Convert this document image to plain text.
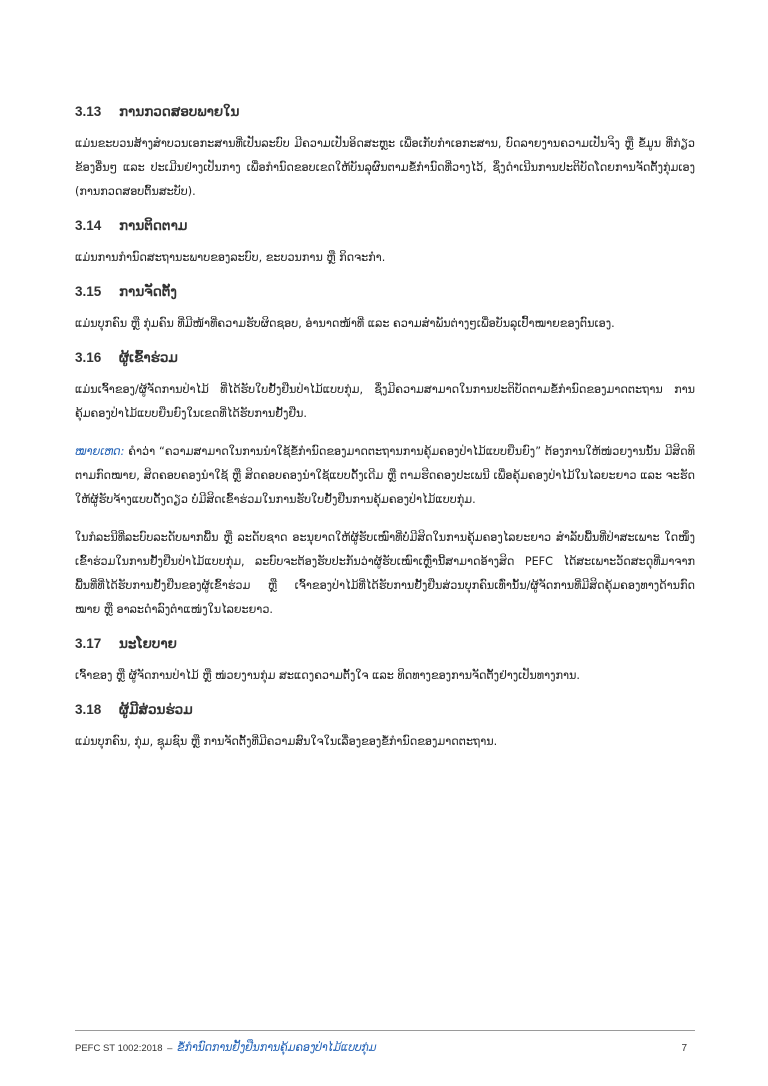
3.13 ການກວດສອບພາຍໃນ

ແມ່ນຂະບວນສ້າງສໍາບວນເອກະສານທີ່ເປັນລະບົບ ມີຄວາມເປັນອິດສະຫຼະ ເພື່ອເກັບກໍາເອກະສານ, ບົດລາຍງານຄວາມເປັນຈິງ ຫຼື ຂໍ້ມູນ ທີ່ກ່ຽວຂ້ອງອື່ນໆ ແລະ ປະເມີນຢ່າງເປັນກາງ ເພື່ອກໍານົດຂອບເຂດໃຫ້ບັນລຸຜົນຕາມຂໍ້ກໍານົດທີ່ວາງໄວ້, ຊຶ່ງດໍາເນີນການປະຕິບັດໂດຍການຈັດຕັ້ງກຸ່ມເອງ (ການກວດສອບຕົ້ນສະບັບ).

3.14 ການຕິດຕາມ

ແມ່ນການກໍານົດສະຖານະພາບຂອງລະບົບ, ຂະບວນການ ຫຼື ກິດຈະກໍາ.

3.15 ການຈັດຕັ້ງ

ແມ່ນບຸກຄົນ ຫຼື ກຸ່ມຄົນ ທີ່ມີໜ້າທີ່ຄວາມຮັບຜິດຊອບ, ອໍານາດໜ້າທີ່ ແລະ ຄວາມສໍາພັນຕ່າງໆເພື່ອບັນລຸເປົ້າໝາຍຂອງຕົນເອງ.

3.16 ຜູ້ເຂົ້າຮ່ວມ

ແມ່ນເຈົ້າຂອງ/ຜູ້ຈັດການປ່າໄມ້ ທີ່ໄດ້ຮັບໃບຢັ້ງຢືນປ່າໄມ້ແບບກຸ່ມ, ຊຶ່ງມີຄວາມສາມາດໃນການປະຕິບັດຕາມຂໍ້ກໍານົດຂອງມາດຕະຖານ ການ ຄຸ້ມຄອງປ່າໄມ້ແບບຍືນຍົງໃນເຂດທີ່ໄດ້ຮັບການຢັ້ງຢືນ.

ໝາຍເຫດ: ຄໍາວ່າ “ຄວາມສາມາດໃນການນໍາໃຊ້ຂໍ້ກໍານົດຂອງມາດຕະຖານການຄຸ້ມຄອງປ່າໄມ້ແບບຍືນຍົງ” ຕ້ອງການໃຫ້ໜ່ວຍງານນັ້ນ ມີສິດທິຕາມກົດໝາຍ, ສິດຄອບຄອງນໍາໃຊ້ ຫຼື ສິດຄອບຄອງນໍາໃຊ້ແບບດັ້ງເດີມ ຫຼື ຕາມຮີດຄອງປະເພນີ ເພື່ອຄຸ້ມຄອງປ່າໄມ້ໃນໄລຍະຍາວ ແລະ ຈະຮັດໃຫ້ຜູ້ຮັບຈ້າງແບບດັ້ງດຽວ ບໍ່ມີສິດເຂົ້າຮ່ວມໃນການຮັບໃບຢັ້ງຢືນການຄຸ້ມຄອງປ່າໄມ້ແບບກຸ່ມ.

ໃນກໍລະນີທີ່ລະບົບລະດັບພາກພື້ນ ຫຼື ລະດັບຊາດ ອະນຸຍາດໃຫ້ຜູ້ຮັບເໝົາທີ່ບໍ່ມີສິດໃນການຄຸ້ມຄອງໄລຍະຍາວ ສໍາລັບພື້ນທີ່ປ່າສະເພາະ ໃດໜຶ່ງ ເຂົ້າຮ່ວມໃນການຢັ້ງຢືນປ່າໄມ້ແບບກຸ່ມ, ລະບົບຈະຕ້ອງຮັບປະກັນວ່າຜູ້ຮັບເໝົາເຫຼົ່ານີ້ສາມາດອ້າງສິດ PEFC ໄດ້ສະເພາະວັດສະດຸທີ່ມາຈາກ ພື້ນທີ່ທີ່ໄດ້ຮັບການຢັ້ງຢືນຂອງຜູ້ເຂົ້າຮ່ວມ ຫຼື ເຈົ້າຂອງປ່າໄມ້ທີ່ໄດ້ຮັບການຢັ້ງຢືນສ່ວນບຸກຄົນເທົ່ານັ້ນ/ຜູ້ຈັດການທີ່ມີສິດຄຸ້ມຄອງທາງດ້ານກົດ ໝາຍ ຫຼື ອາລະດໍາລົງຕໍາແໜ່ງໃນໄລຍະຍາວ.

3.17 ນະໂຍບາຍ

ເຈົ້າຂອງ ຫຼື ຜູ້ຈັດການປ່າໄມ້ ຫຼື ໜ່ວຍງານກຸ່ມ ສະແດງຄວາມຕັ້ງໃຈ ແລະ ທິດທາງຂອງການຈັດຕັ້ງຢ່າງເປັນທາງການ.

3.18 ຜູ້ມີສ່ວນຮ່ວມ

ແມ່ນບຸກຄົນ, ກຸ່ມ, ຊຸມຊົນ ຫຼື ການຈັດຕັ້ງທີ່ມີຄວາມສົນໃຈໃນເລື່ອງຂອງຂໍ້ກໍານົດຂອງມາດຕະຖານ.

PEFC ST 1002:2018 – ຂໍ້ກໍານົດການຢັ້ງຢືນການຄຸ້ມຄອງປ່າໄມ້ແບບກຸ່ມ	7
